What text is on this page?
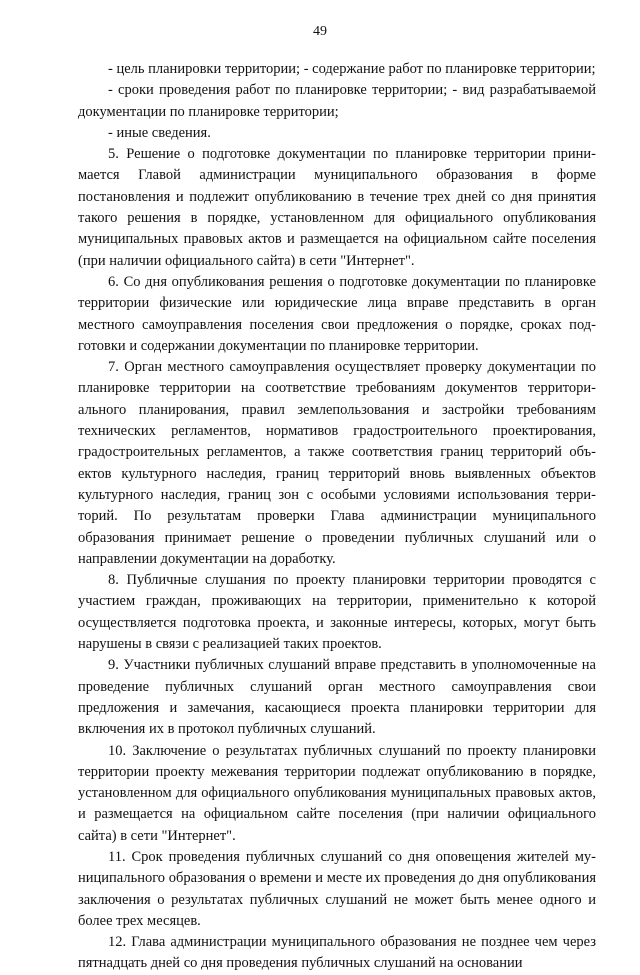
49

- цель планировки территории; - содержание работ по планировке территории;

- сроки проведения работ по планировке территории; - вид разрабатываемой документации по планировке территории;

- иные сведения.

5. Решение о подготовке документации по планировке территории принимается Главой администрации муниципального образования в форме постановления и подлежит опубликованию в течение трех дней со дня принятия такого решения в порядке, установленном для официального опубликования муниципальных правовых актов и размещается на официальном сайте поселения (при наличии официального сайта) в сети "Интернет".

6. Со дня опубликования решения о подготовке документации по планировке территории физические или юридические лица вправе представить в орган местного самоуправления поселения свои предложения о порядке, сроках подготовки и содержании документации по планировке территории.

7. Орган местного самоуправления осуществляет проверку документации по планировке территории на соответствие требованиям документов территориального планирования, правил землепользования и застройки требованиям технических регламентов, нормативов градостроительного проектирования, градостроительных регламентов, а также соответствия границ территорий объектов культурного наследия, границ территорий вновь выявленных объектов культурного наследия, границ зон с особыми условиями использования территорий. По результатам проверки Глава администрации муниципального образования принимает решение о проведении публичных слушаний или о направлении документации на доработку.

8. Публичные слушания по проекту планировки территории проводятся с участием граждан, проживающих на территории, применительно к которой осуществляется подготовка проекта, и законные интересы, которых, могут быть нарушены в связи с реализацией таких проектов.

9. Участники публичных слушаний вправе представить в уполномоченные на проведение публичных слушаний орган местного самоуправления свои предложения и замечания, касающиеся проекта планировки территории для включения их в протокол публичных слушаний.

10. Заключение о результатах публичных слушаний по проекту планировки территории проекту межевания территории подлежат опубликованию в порядке, установленном для официального опубликования муниципальных правовых актов, и размещается на официальном сайте поселения (при наличии официального сайта) в сети "Интернет".

11. Срок проведения публичных слушаний со дня оповещения жителей муниципального образования о времени и месте их проведения до дня опубликования заключения о результатах публичных слушаний не может быть менее одного и более трех месяцев.

12. Глава администрации муниципального образования не позднее чем через пятнадцать дней со дня проведения публичных слушаний на основании
